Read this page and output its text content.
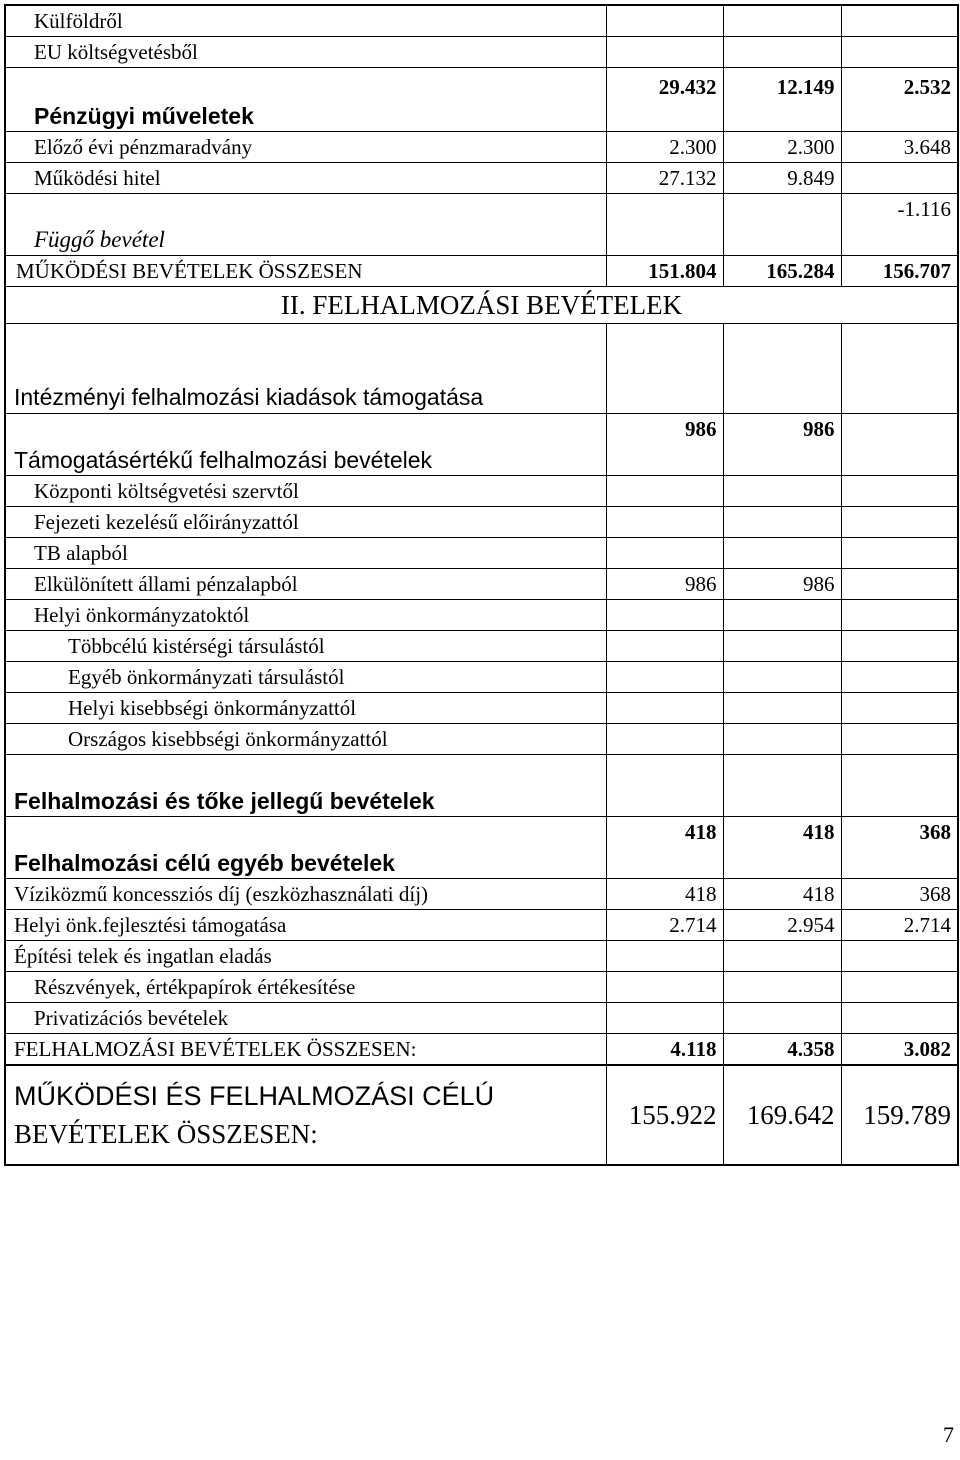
Külföldről			
EU költségvetésből			
Pénzügyi műveletek	29.432	12.149	2.532
Előző évi pénzmaradvány	2.300	2.300	3.648
Működési hitel	27.132	9.849	
Függő bevétel			-1.116
MŰKÖDÉSI BEVÉTELEK ÖSSZESEN	151.804	165.284	156.707
II. FELHALMOZÁSI BEVÉTELEK			
Intézményi felhalmozási kiadások támogatása			
Támogatásértékű felhalmozási bevételek	986	986	
Központi költségvetési szervtől			
Fejezeti kezelésű előirányzattól			
TB alapból			
Elkülönített állami pénzalapból	986	986	
Helyi önkormányzatoktól			
Többcélú kistérségi társulástól			
Egyéb önkormányzati társulástól			
Helyi kisebbségi önkormányzattól			
Országos kisebbségi önkormányzattól			
Felhalmozási és tőke jellegű bevételek			
Felhalmozási célú egyéb bevételek	418	418	368
Víziközmű koncessziós díj (eszközhasználati díj)	418	418	368
Helyi önk.fejlesztési támogatása	2.714	2.954	2.714
Építési telek és ingatlan eladás			
Részvények, értékpapírok értékesítése			
Privatizációs bevételek			
FELHALMOZÁSI BEVÉTELEK ÖSSZESEN:	4.118	4.358	3.082

MŰKÖDÉSI ÉS FELHALMOZÁSI CÉLÚ
BEVÉTELEK ÖSSZESEN:	155.922	169.642	159.789
7
